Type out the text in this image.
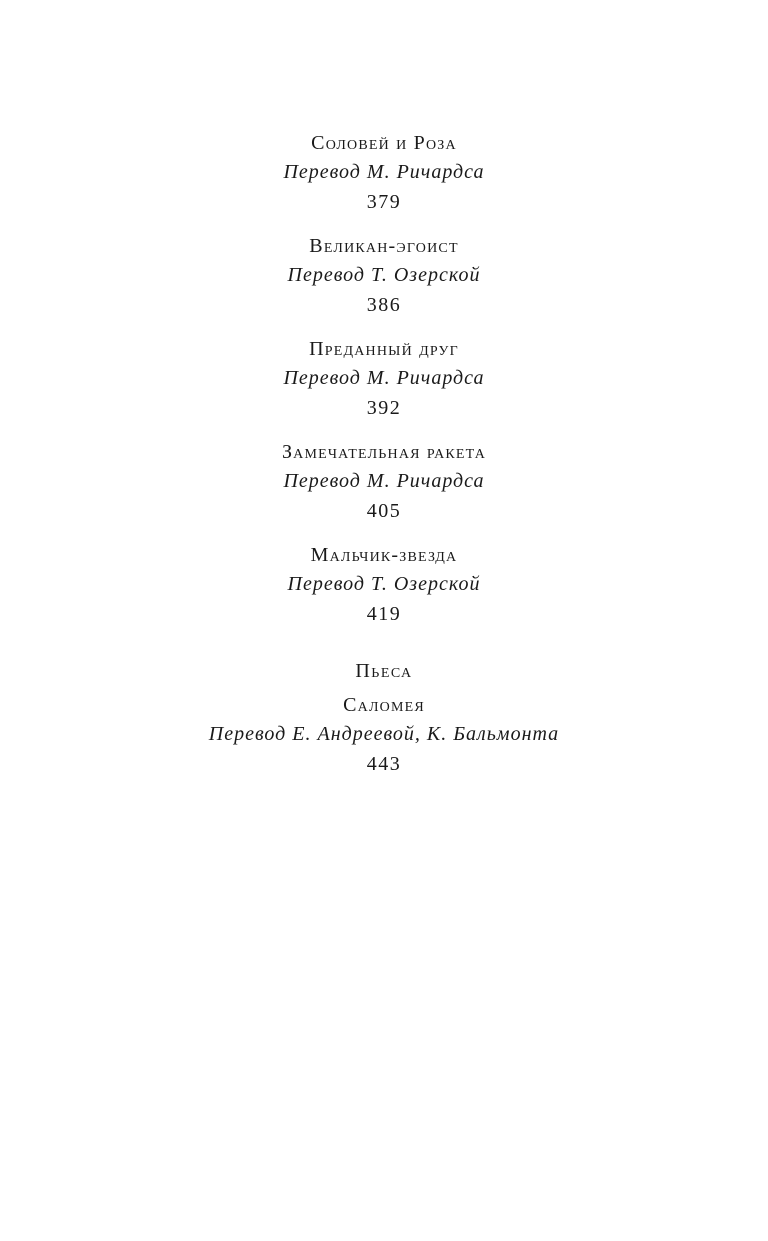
Соловей и Роза
Перевод М. Ричардса
379
Великан-эгоист
Перевод Т. Озерской
386
Преданный друг
Перевод М. Ричардса
392
Замечательная ракета
Перевод М. Ричардса
405
Мальчик-звезда
Перевод Т. Озерской
419
Пьеса
Саломея
Перевод Е. Андреевой, К. Бальмонта
443
